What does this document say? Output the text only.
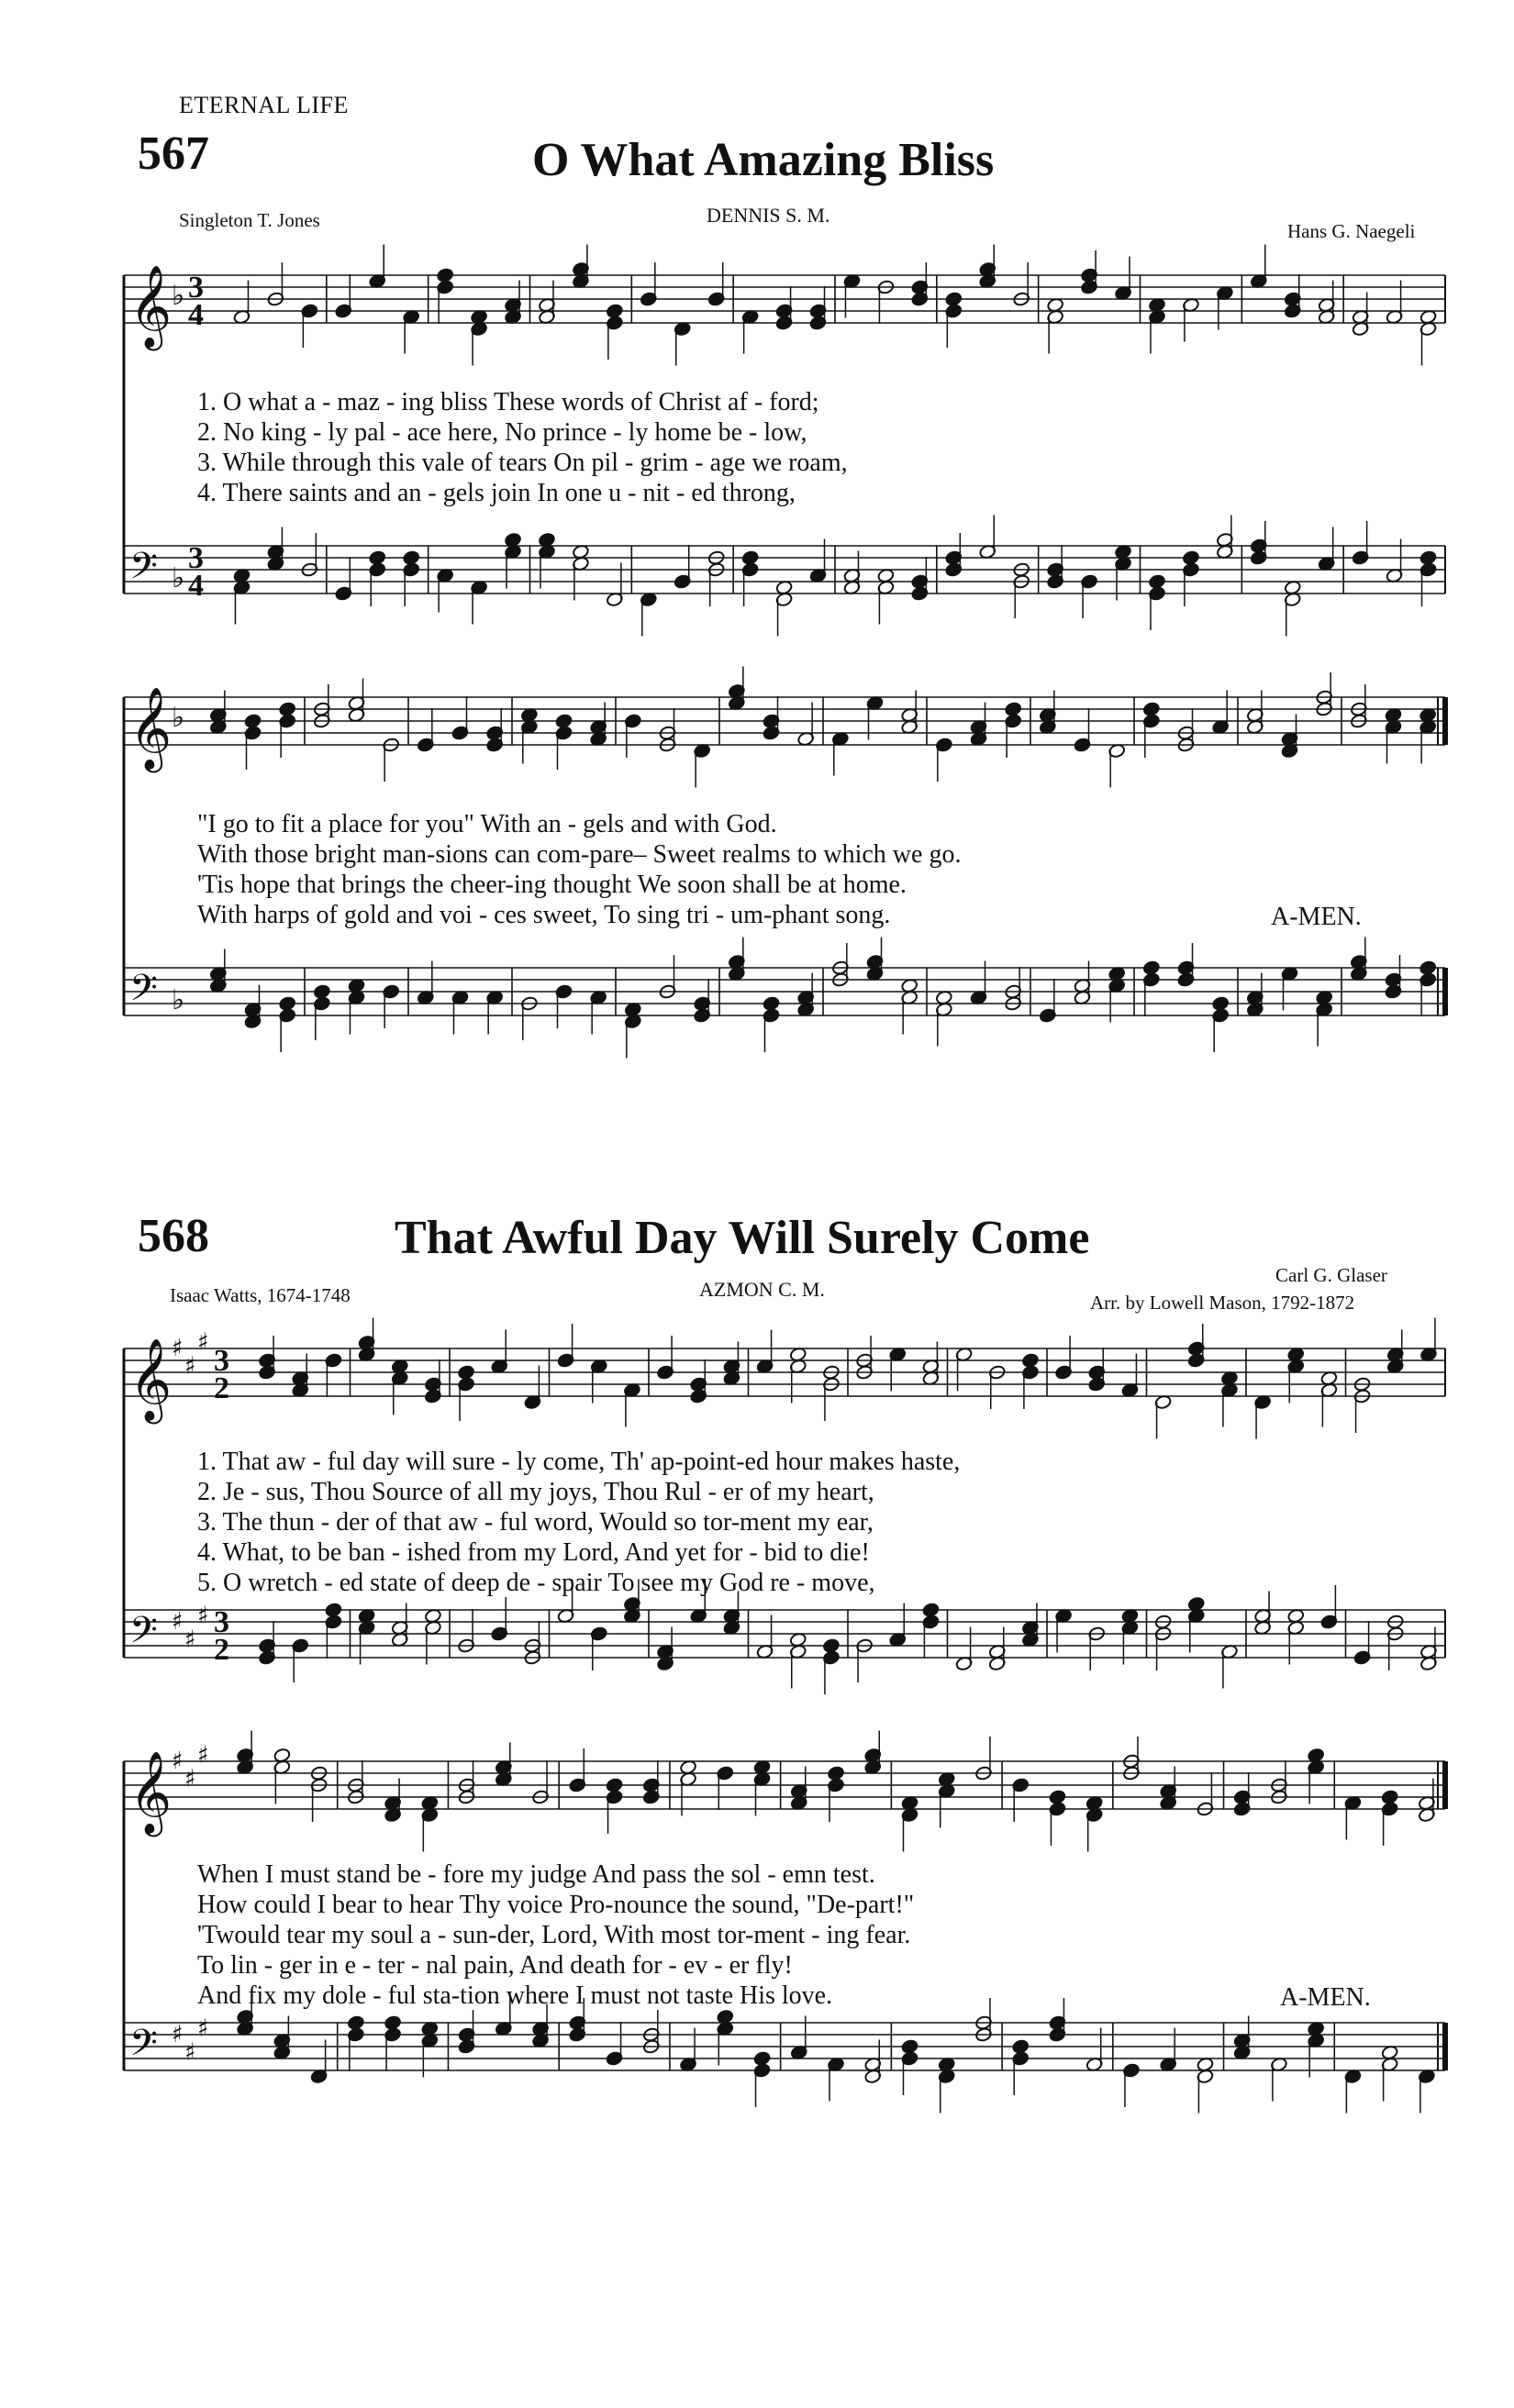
ETERNAL LIFE
567	O What Amazing Bliss
Singleton T. Jones	DENNIS S. M.
Hans G. Naegeli
𝄞 ♭ 3
4
𝄢 ♭
3
4
1. O what a - maz - ing bliss These words of Christ af - ford;
2. No king - ly pal - ace here, No prince - ly home be - low,
3. While through this vale of tears On pil - grim - age we roam,
4. There saints and an - gels join In one u - nit - ed throng,
𝄞 ♭
𝄢 ♭
"I go to fit a place for you" With an - gels and with God.
With those bright man-sions can com-pare– Sweet realms to which we go.
'Tis hope that brings the cheer-ing thought We soon shall be at home.
With harps of gold and voi - ces sweet, To sing tri - um-phant song.	A-MEN.
568	That Awful Day Will Surely Come
Isaac Watts, 1674-1748	AZMON C. M.
Carl G. Glaser
Arr. by Lowell Mason, 1792-1872
𝄞 ♯
♯
♯
3
2
𝄢 ♯
♯
♯ 3
2
1. That aw - ful day will sure - ly come, Th' ap-point-ed hour makes haste,
2. Je - sus, Thou Source of all my joys, Thou Rul - er of my heart,
3. The thun - der of that aw - ful word, Would so tor-ment my ear,
4. What, to be ban - ished from my Lord, And yet for - bid to die!
5. O wretch - ed state of deep de - spair To see my God re - move,
𝄞 ♯
♯
♯
𝄢 ♯
♯
♯
When I must stand be - fore my judge And pass the sol - emn test.
How could I bear to hear Thy voice Pro-nounce the sound, "De-part!"
'Twould tear my soul a - sun-der, Lord, With most tor-ment - ing fear.
To lin - ger in e - ter - nal pain, And death for - ev - er fly!
And fix my dole - ful sta-tion where I must not taste His love.	A-MEN.
